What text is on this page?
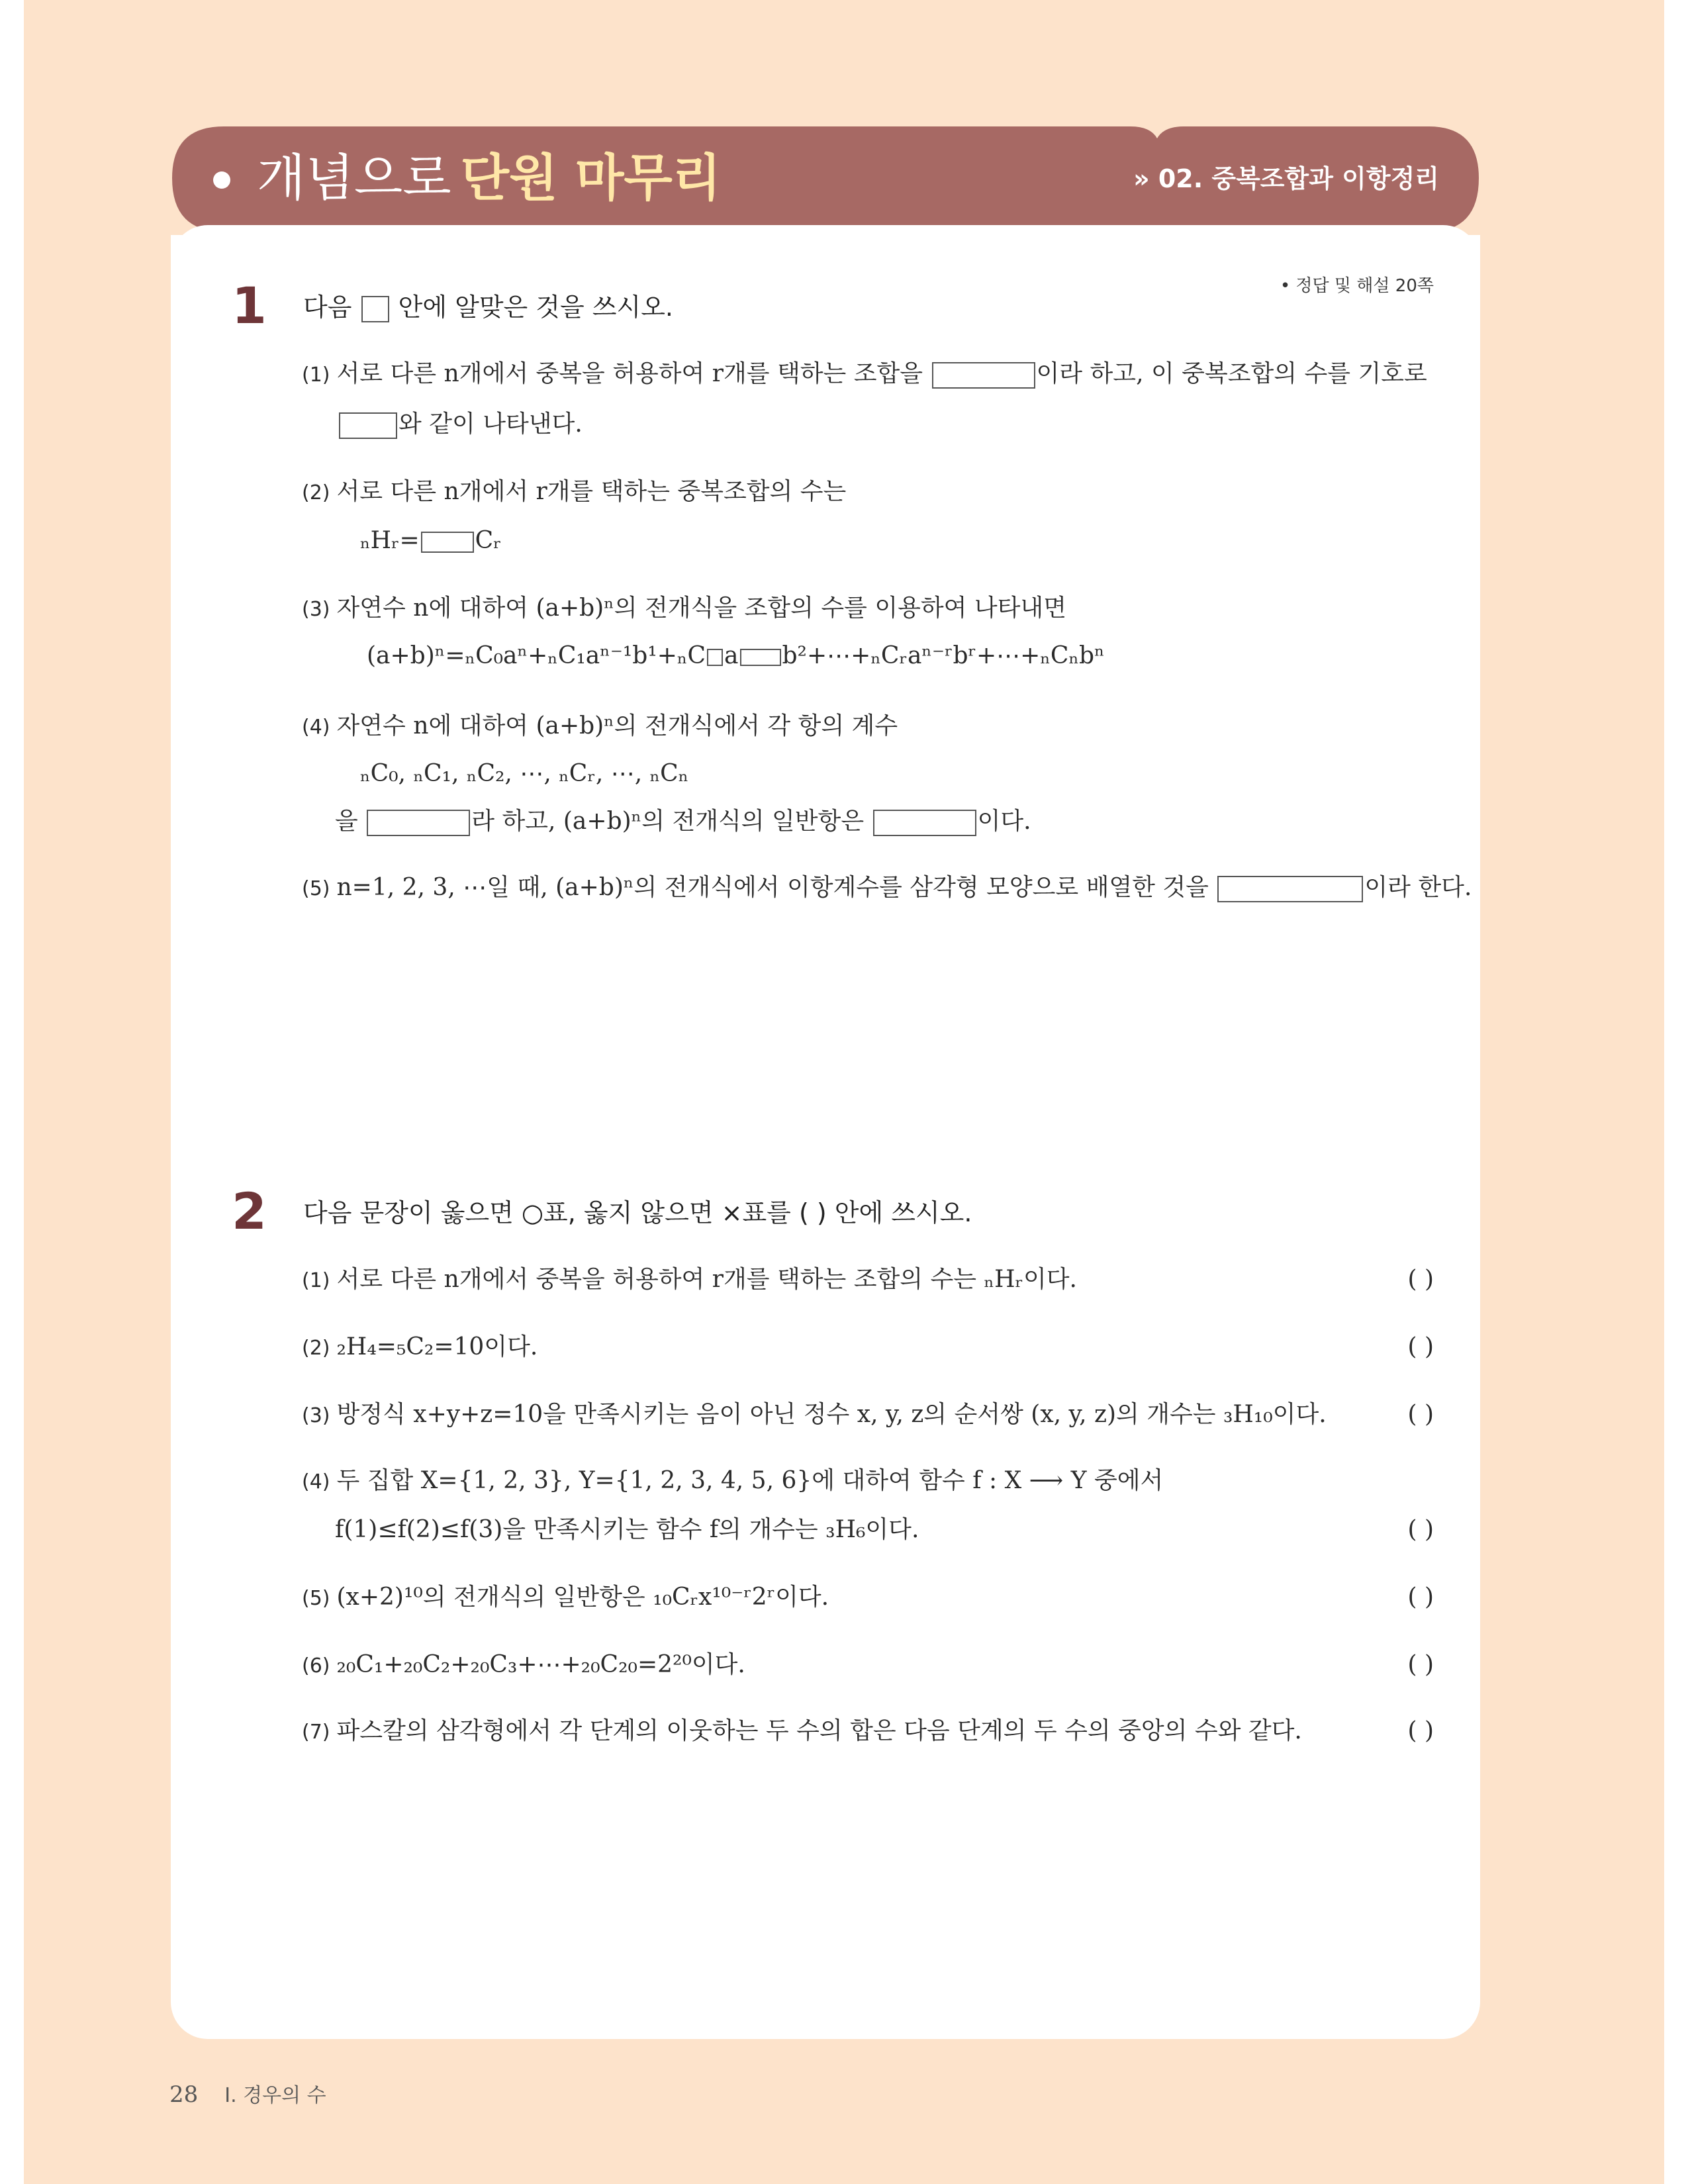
개념으로 단원 마무리	» 02. 중복조합과 이항정리
• 정답 및 해설 20쪽
1 다음 안에 알맞은 것을 쓰시오.
(1) 서로 다른 n개에서 중복을 허용하여 r개를 택하는 조합을	이라 하고, 이 중복조합의 수를 기호로
와 같이 나타낸다.
(2) 서로 다른 n개에서 r개를 택하는 중복조합의 수는
ₙHᵣ= Cᵣ
(3) 자연수 n에 대하여 (a+b)ⁿ의 전개식을 조합의 수를 이용하여 나타내면
(a+b)ⁿ=ₙC₀aⁿ+ₙC₁aⁿ⁻¹b¹+ₙC a b²+⋯+ₙCᵣaⁿ⁻ʳbʳ+⋯+ₙCₙbⁿ
(4) 자연수 n에 대하여 (a+b)ⁿ의 전개식에서 각 항의 계수
ₙC₀, ₙC₁, ₙC₂, ⋯, ₙCᵣ, ⋯, ₙCₙ
을	라 하고, (a+b)ⁿ의 전개식의 일반항은	이다.
(5) n=1, 2, 3, ⋯일 때, (a+b)ⁿ의 전개식에서 이항계수를 삼각형 모양으로 배열한 것을	이라 한다.
2 다음 문장이 옳으면 ○표, 옳지 않으면 ×표를 ( ) 안에 쓰시오.
(1) 서로 다른 n개에서 중복을 허용하여 r개를 택하는 조합의 수는 ₙHᵣ이다.	( )
(2) ₂H₄=₅C₂=10이다.	( )
(3) 방정식 x+y+z=10을 만족시키는 음이 아닌 정수 x, y, z의 순서쌍 (x, y, z)의 개수는 ₃H₁₀이다.	( )
(4) 두 집합 X={1, 2, 3}, Y={1, 2, 3, 4, 5, 6}에 대하여 함수 f : X ⟶ Y 중에서
f(1)≤f(2)≤f(3)을 만족시키는 함수 f의 개수는 ₃H₆이다.	( )
(5) (x+2)¹⁰의 전개식의 일반항은 ₁₀Cᵣx¹⁰⁻ʳ2ʳ이다.	( )
(6) ₂₀C₁+₂₀C₂+₂₀C₃+⋯+₂₀C₂₀=2²⁰이다.	( )
(7) 파스칼의 삼각형에서 각 단계의 이웃하는 두 수의 합은 다음 단계의 두 수의 중앙의 수와 같다.	( )
28 I. 경우의 수
